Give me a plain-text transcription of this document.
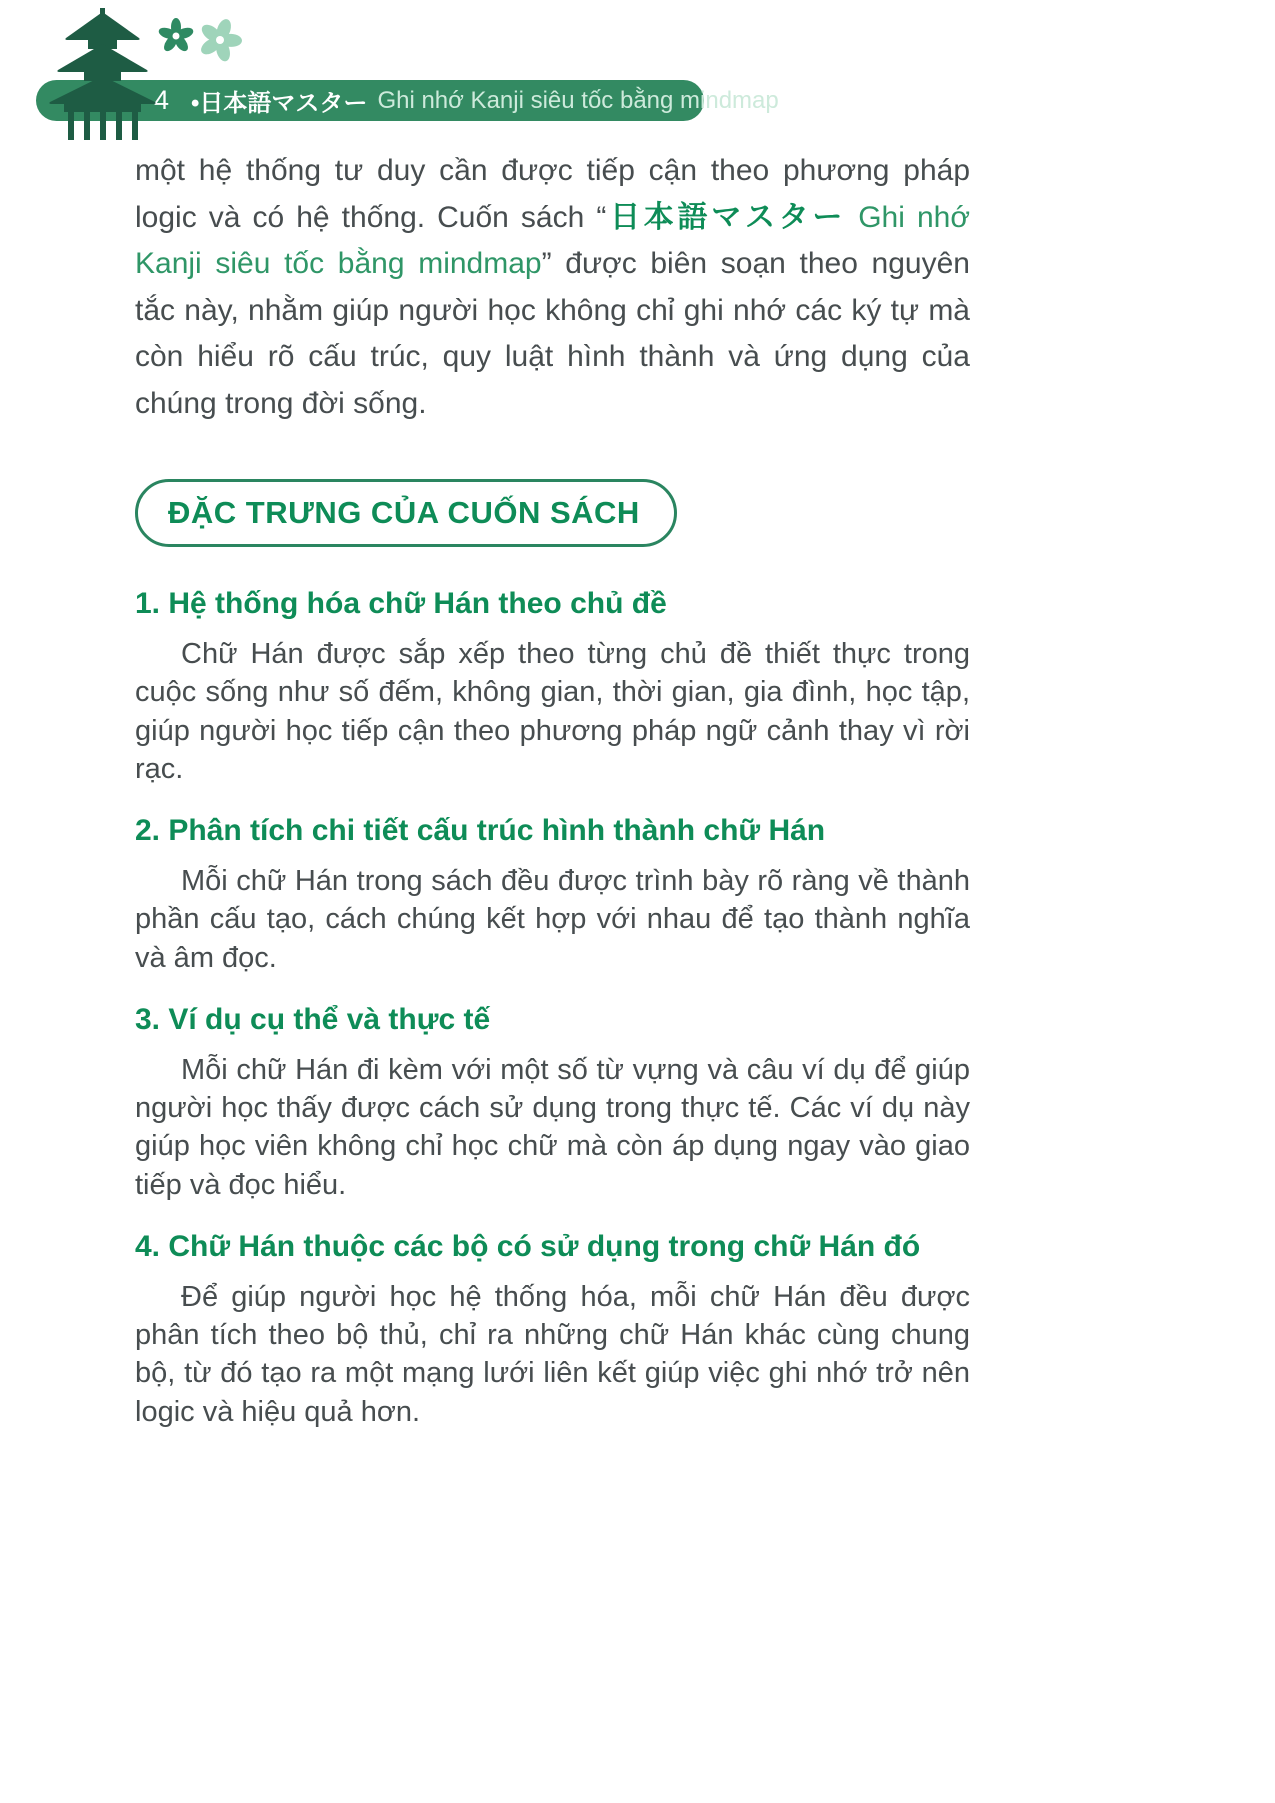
4 •日本語マスター Ghi nhớ Kanji siêu tốc bằng mindmap

một hệ thống tư duy cần được tiếp cận theo phương pháp logic và có hệ thống. Cuốn sách “日本語マスター Ghi nhớ Kanji siêu tốc bằng mindmap” được biên soạn theo nguyên tắc này, nhằm giúp người học không chỉ ghi nhớ các ký tự mà còn hiểu rõ cấu trúc, quy luật hình thành và ứng dụng của chúng trong đời sống.

ĐẶC TRƯNG CỦA CUỐN SÁCH
1. Hệ thống hóa chữ Hán theo chủ đề

Chữ Hán được sắp xếp theo từng chủ đề thiết thực trong cuộc sống như số đếm, không gian, thời gian, gia đình, học tập, giúp người học tiếp cận theo phương pháp ngữ cảnh thay vì rời rạc.

2. Phân tích chi tiết cấu trúc hình thành chữ Hán

Mỗi chữ Hán trong sách đều được trình bày rõ ràng về thành phần cấu tạo, cách chúng kết hợp với nhau để tạo thành nghĩa và âm đọc.

3. Ví dụ cụ thể và thực tế

Mỗi chữ Hán đi kèm với một số từ vựng và câu ví dụ để giúp người học thấy được cách sử dụng trong thực tế. Các ví dụ này giúp học viên không chỉ học chữ mà còn áp dụng ngay vào giao tiếp và đọc hiểu.

4. Chữ Hán thuộc các bộ có sử dụng trong chữ Hán đó

Để giúp người học hệ thống hóa, mỗi chữ Hán đều được phân tích theo bộ thủ, chỉ ra những chữ Hán khác cùng chung bộ, từ đó tạo ra một mạng lưới liên kết giúp việc ghi nhớ trở nên logic và hiệu quả hơn.
